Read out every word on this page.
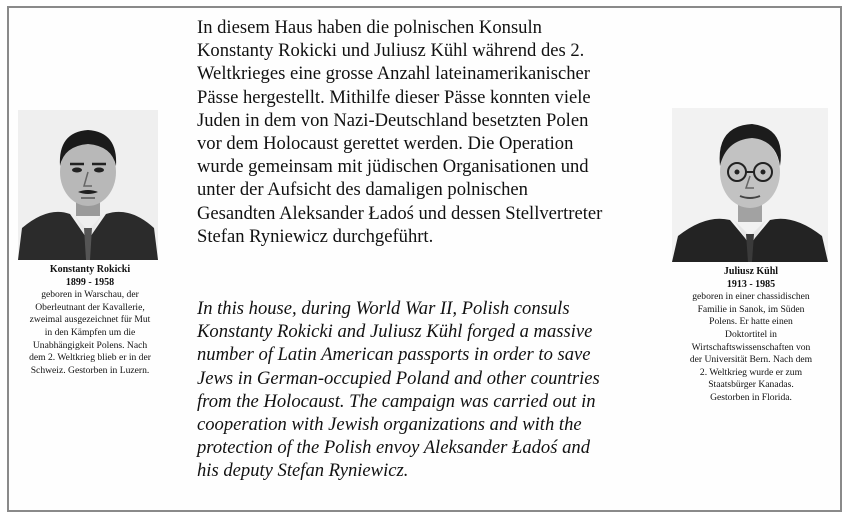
Konstanty Rokicki
1899 - 1958
geboren in Warschau, der
Oberleutnant der Kavallerie,
zweimal ausgezeichnet für Mut
in den Kämpfen um die
Unabhängigkeit Polens. Nach
dem 2. Weltkrieg blieb er in der
Schweiz. Gestorben in Luzern.
Juliusz Kühl
1913 - 1985
geboren in einer chassidischen
Familie in Sanok, im Süden
Polens. Er hatte einen
Doktortitel in
Wirtschaftswissenschaften von
der Universität Bern. Nach dem
2. Weltkrieg wurde er zum
Staatsbürger Kanadas.
Gestorben in Florida.

In diesem Haus haben die polnischen Konsuln

Konstanty Rokicki und Juliusz Kühl während des 2.

Weltkrieges eine grosse Anzahl lateinamerikanischer

Pässe hergestellt. Mithilfe dieser Pässe konnten viele

Juden in dem von Nazi-Deutschland besetzten Polen

vor dem Holocaust gerettet werden. Die Operation

wurde gemeinsam mit jüdischen Organisationen und

unter der Aufsicht des damaligen polnischen

Gesandten Aleksander Ładoś und dessen Stellvertreter

Stefan Ryniewicz durchgeführt.

In this house, during World War II, Polish consuls

Konstanty Rokicki and Juliusz Kühl forged a massive

number of Latin American passports in order to save

Jews in German-occupied Poland and other countries

from the Holocaust. The campaign was carried out in

cooperation with Jewish organizations and with the

protection of the Polish envoy Aleksander Ładoś and

his deputy Stefan Ryniewicz.
